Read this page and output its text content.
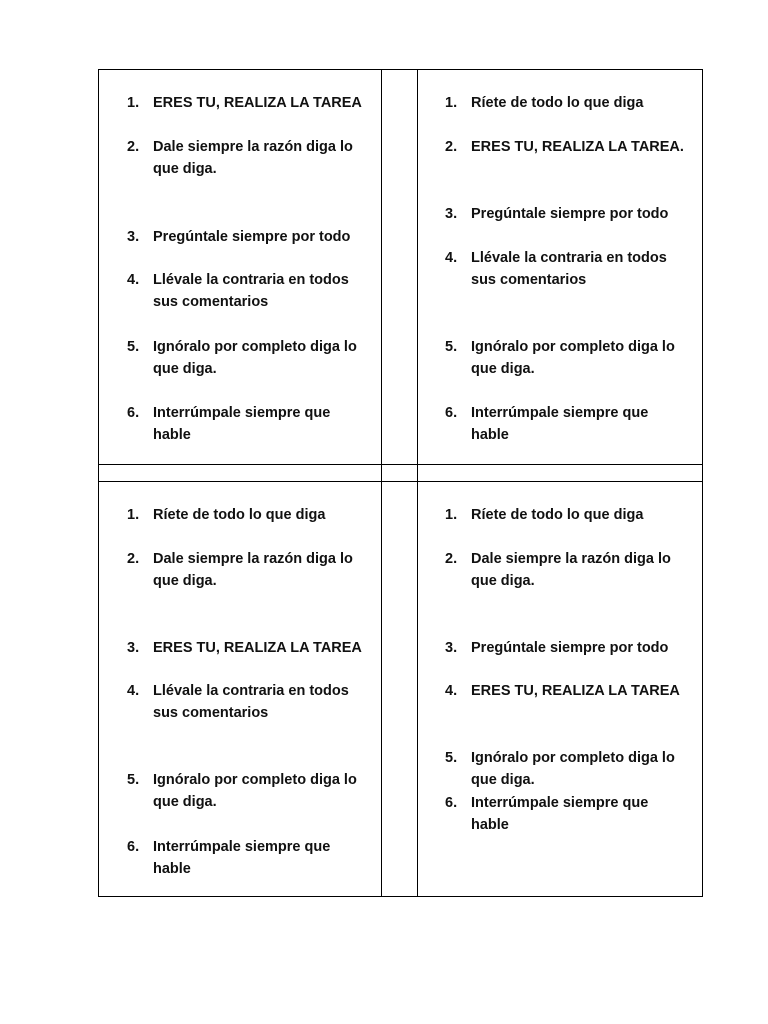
1. ERES TU, REALIZA LA TAREA
2. Dale siempre la razón diga lo
que diga.
3. Pregúntale siempre por todo
4. Llévale la contraria en todos
sus comentarios
5. Ignóralo por completo diga lo
que diga.
6. Interrúmpale siempre que
hable
1. Ríete de todo lo que diga
2. ERES TU, REALIZA LA TAREA.
3. Pregúntale siempre por todo
4. Llévale la contraria en todos
sus comentarios
5. Ignóralo por completo diga lo
que diga.
6. Interrúmpale siempre que
hable
1. Ríete de todo lo que diga
2. Dale siempre la razón diga lo
que diga.
3. ERES TU, REALIZA LA TAREA
4. Llévale la contraria en todos
sus comentarios
5. Ignóralo por completo diga lo
que diga.
6. Interrúmpale siempre que
hable
1. Ríete de todo lo que diga
2. Dale siempre la razón diga lo
que diga.
3. Pregúntale siempre por todo
4. ERES TU, REALIZA LA TAREA
5. Ignóralo por completo diga lo
que diga.
6. Interrúmpale siempre que
hable
